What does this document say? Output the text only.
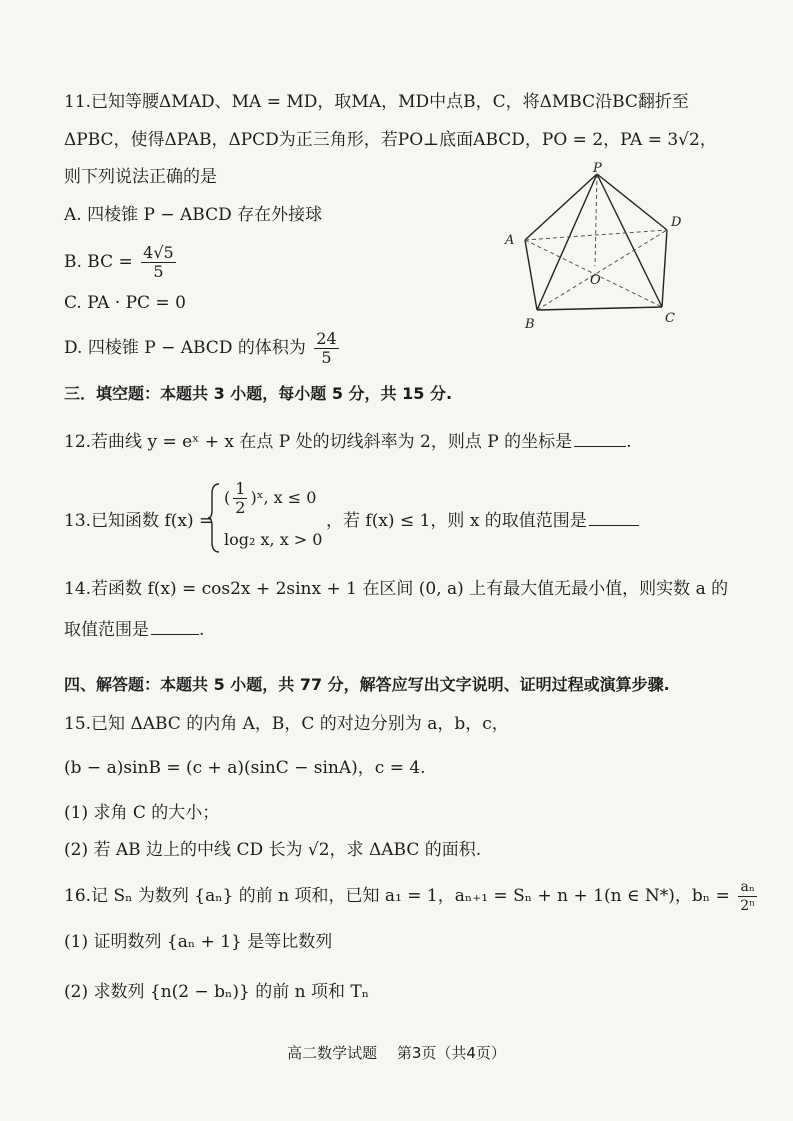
11.已知等腰ΔMAD、MA = MD，取MA，MD中点B，C，将ΔMBC沿BC翻折至
ΔPBC，使得ΔPAB，ΔPCD为正三角形，若PO⊥底面ABCD，PO = 2，PA = 3√2，
则下列说法正确的是
A. 四棱锥 P − ABCD 存在外接球
B. BC = $\frac{4√5}{5}$
C. PA · PC = 0
D. 四棱锥 P − ABCD 的体积为 $\frac{24}{5}$
P
A
D
O
B	C
三．填空题：本题共 3 小题，每小题 5 分，共 15 分.
12.若曲线 y = eˣ + x 在点 P 处的切线斜率为 2，则点 P 的坐标是	.
13.已知函数 f(x) =
( $\frac{1}{2}$ )ˣ, x ≤ 0
log₂ x, x > 0
，若 f(x) ≤ 1，则 x 的取值范围是
14.若函数 f(x) = cos2x + 2sinx + 1 在区间 (0, a) 上有最大值无最小值，则实数 a 的
取值范围是	.
四、解答题：本题共 5 小题，共 77 分，解答应写出文字说明、证明过程或演算步骤.
15.已知 ΔABC 的内角 A，B，C 的对边分别为 a，b，c，
(b − a)sinB = (c + a)(sinC − sinA)，c = 4.
(1) 求角 C 的大小；
(2) 若 AB 边上的中线 CD 长为 √2，求 ΔABC 的面积.
16.记 Sₙ 为数列 {aₙ} 的前 n 项和，已知 a₁ = 1，aₙ₊₁ = Sₙ + n + 1(n ∈ N*)，$b_n = \frac{\text{aₙ}}{\text{2ⁿ}}$
(1) 证明数列 {aₙ + 1} 是等比数列
(2) 求数列 {n(2 − bₙ)} 的前 n 项和 Tₙ
高二数学试题　 第3页（共4页）
